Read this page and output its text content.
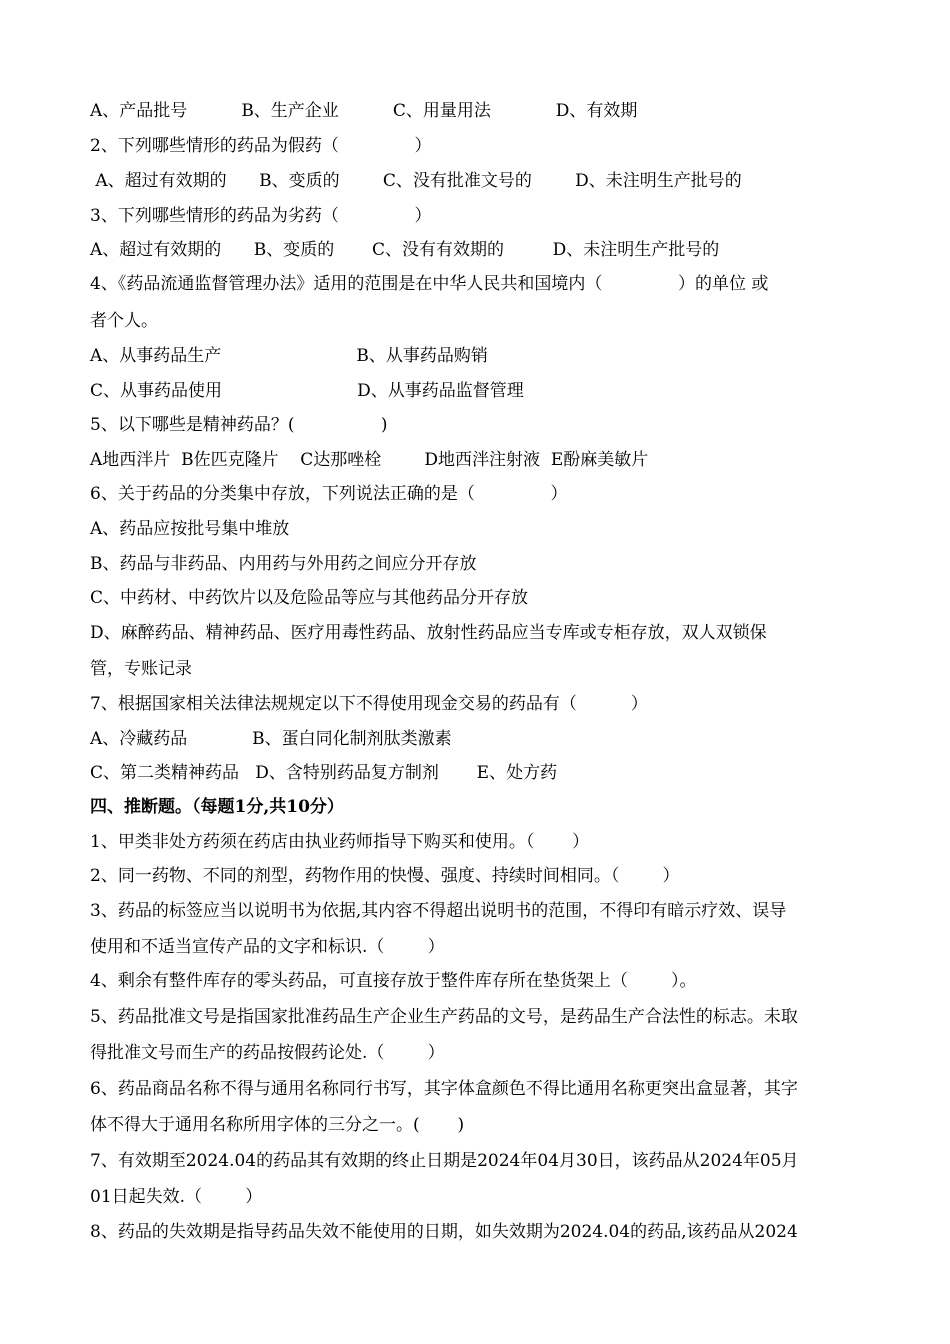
A、产品批号          B、生产企业          C、用量用法            D、有效期
2、下列哪些情形的药品为假药（              ）
A、超过有效期的      B、变质的        C、没有批准文号的        D、未注明生产批号的
3、下列哪些情形的药品为劣药（              ）
A、超过有效期的      B、变质的       C、没有有效期的         D、未注明生产批号的
4、《药品流通监督管理办法》适用的范围是在中华人民共和国境内（              ）的单位 或
者个人。
A、从事药品生产                         B、从事药品购销
C、从事药品使用                         D、从事药品监督管理
5、以下哪些是精神药品？(                )
A地西泮片  B佐匹克隆片    C达那唑栓        D地西泮注射液  E酚麻美敏片
6、关于药品的分类集中存放，下列说法正确的是（              ）
A、药品应按批号集中堆放
B、药品与非药品、内用药与外用药之间应分开存放
C、中药材、中药饮片以及危险品等应与其他药品分开存放
D、麻醉药品、精神药品、医疗用毒性药品、放射性药品应当专库或专柜存放，双人双锁保
管，专账记录
7、根据国家相关法律法规规定以下不得使用现金交易的药品有（          ）
A、冷藏药品            B、蛋白同化制剂肽类激素
C、第二类精神药品   D、含特别药品复方制剂       E、处方药
四、推断题。（每题1分,共10分）
1、甲类非处方药须在药店由执业药师指导下购买和使用。（       ）
2、同一药物、不同的剂型，药物作用的快慢、强度、持续时间相同。（        ）
3、药品的标签应当以说明书为依据,其内容不得超出说明书的范围，不得印有暗示疗效、误导
使用和不适当宣传产品的文字和标识.（        ）
4、剩余有整件库存的零头药品，可直接存放于整件库存所在垫货架上（        ）。
5、药品批准文号是指国家批准药品生产企业生产药品的文号，是药品生产合法性的标志。未取
得批准文号而生产的药品按假药论处.（        ）
6、药品商品名称不得与通用名称同行书写，其字体盒颜色不得比通用名称更突出盒显著，其字
体不得大于通用名称所用字体的三分之一。(       )
7、有效期至2024.04的药品其有效期的终止日期是2024年04月30日，该药品从2024年05月
01日起失效.（        ）
8、药品的失效期是指导药品失效不能使用的日期，如失效期为2024.04的药品,该药品从2024
